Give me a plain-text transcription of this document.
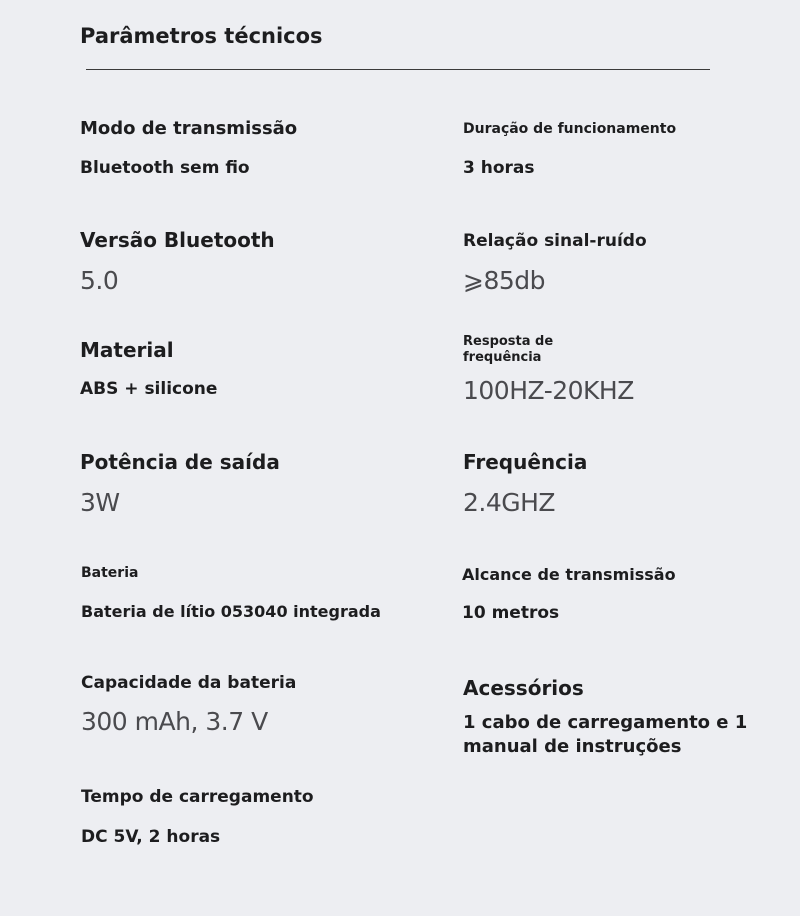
Parâmetros técnicos
Modo de transmissão
Bluetooth sem fio
Duração de funcionamento
3 horas
Versão Bluetooth
5.0
Relação sinal-ruído
⩾85db
Material
ABS + silicone
Resposta de
frequência
100HZ-20KHZ
Potência de saída
3W
Frequência
2.4GHZ
Bateria
Bateria de lítio 053040 integrada
Alcance de transmissão
10 metros
Capacidade da bateria
300 mAh, 3.7 V
Acessórios
1 cabo de carregamento e 1
manual de instruções
Tempo de carregamento
DC 5V, 2 horas
